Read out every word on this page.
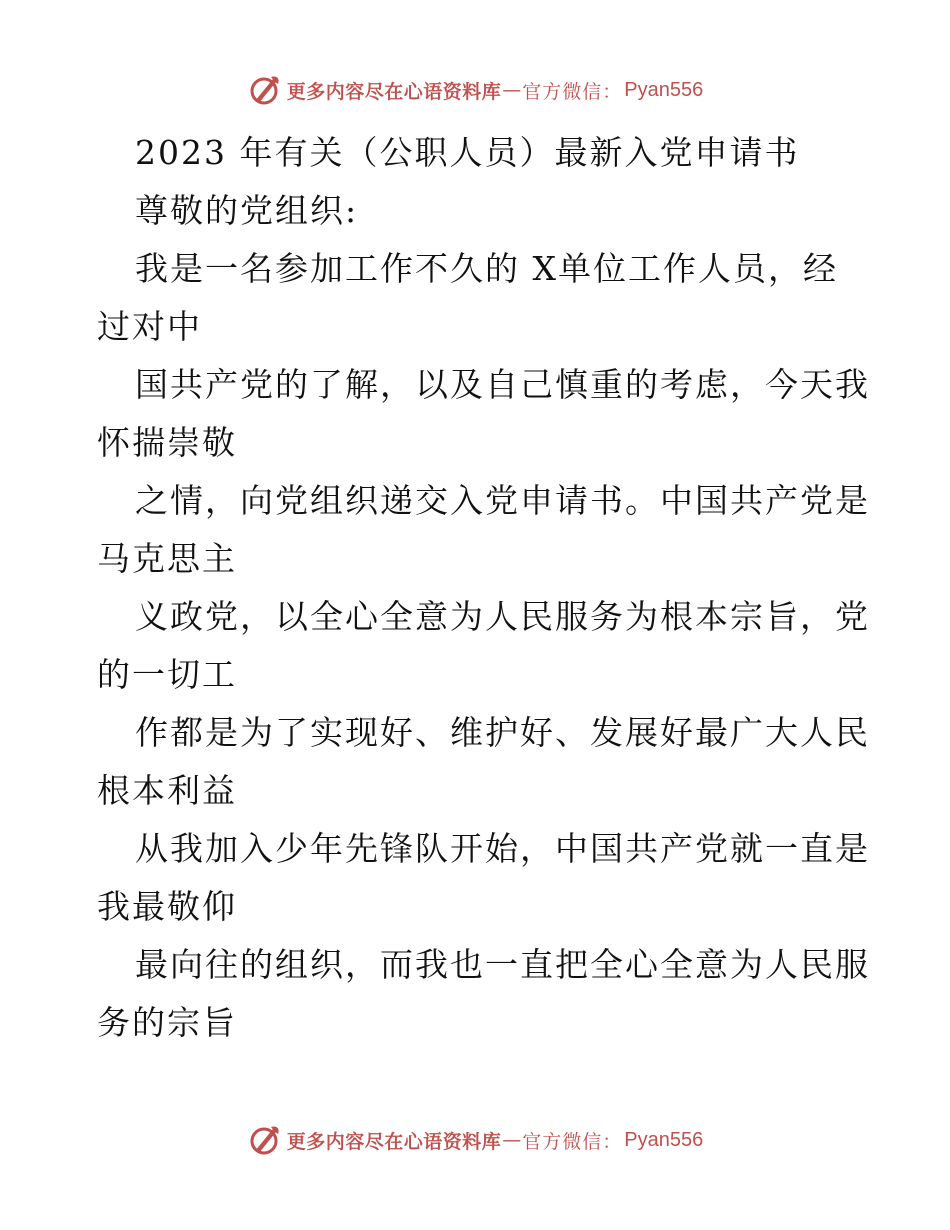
更多内容尽在心语资料库 — 官方微信： Pyan556
2023 年有关（公职人员）最新入党申请书
尊敬的党组织:
我是一名参加工作不久的 X单位工作人员，经
过对中
国共产党的了解，以及自己慎重的考虑，今天我
怀揣崇敬
之情，向党组织递交入党申请书。中国共产党是
马克思主
义政党，以全心全意为人民服务为根本宗旨，党
的一切工
作都是为了实现好、维护好、发展好最广大人民
根本利益
从我加入少年先锋队开始，中国共产党就一直是
我最敬仰
最向往的组织，而我也一直把全心全意为人民服
务的宗旨
更多内容尽在心语资料库 — 官方微信： Pyan556
